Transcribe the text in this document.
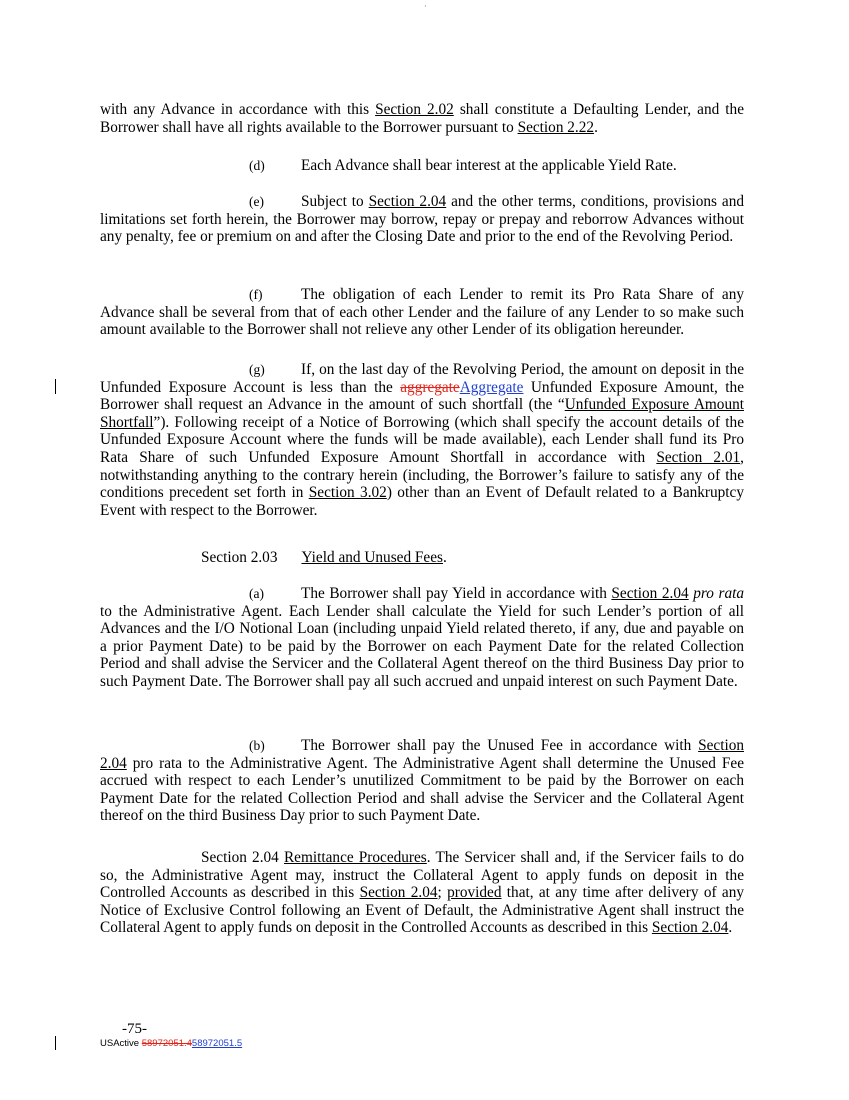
·

with any Advance in accordance with this Section 2.02 shall constitute a Defaulting Lender, and the Borrower shall have all rights available to the Borrower pursuant to Section 2.22.

(d) Each Advance shall bear interest at the applicable Yield Rate.

(e) Subject to Section 2.04 and the other terms, conditions, provisions and limitations set forth herein, the Borrower may borrow, repay or prepay and reborrow Advances without any penalty, fee or premium on and after the Closing Date and prior to the end of the Revolving Period.

(f)	The obligation of each Lender to remit its Pro Rata Share of any Advance shall be several from that of each other Lender and the failure of any Lender to so make such amount available to the Borrower shall not relieve any other Lender of its obligation hereunder.

(g) If, on the last day of the Revolving Period, the amount on deposit in the Unfunded Exposure Account is less than the aggregateAggregate Unfunded Exposure Amount, the Borrower shall request an Advance in the amount of such shortfall (the “Unfunded Exposure Amount Shortfall”). Following receipt of a Notice of Borrowing (which shall specify the account details of the Unfunded Exposure Account where the funds will be made available), each Lender shall fund its Pro Rata Share of such Unfunded Exposure Amount Shortfall in accordance with Section 2.01, notwithstanding anything to the contrary herein (including, the Borrower’s failure to satisfy any of the conditions precedent set forth in Section 3.02) other than an Event of Default related to a Bankruptcy Event with respect to the Borrower.

Section 2.03 Yield and Unused Fees.

(a) The Borrower shall pay Yield in accordance with Section 2.04 pro rata to the Administrative Agent. Each Lender shall calculate the Yield for such Lender’s portion of all Advances and the I/O Notional Loan (including unpaid Yield related thereto, if any, due and payable on a prior Payment Date) to be paid by the Borrower on each Payment Date for the related Collection Period and shall advise the Servicer and the Collateral Agent thereof on the third Business Day prior to such Payment Date. The Borrower shall pay all such accrued and unpaid interest on such Payment Date.

(b) The Borrower shall pay the Unused Fee in accordance with Section 2.04 pro rata to the Administrative Agent. The Administrative Agent shall determine the Unused Fee accrued with respect to each Lender’s unutilized Commitment to be paid by the Borrower on each Payment Date for the related Collection Period and shall advise the Servicer and the Collateral Agent thereof on the third Business Day prior to such Payment Date.

Section 2.04 Remittance Procedures. The Servicer shall and, if the Servicer fails to do so, the Administrative Agent may, instruct the Collateral Agent to apply funds on deposit in the Controlled Accounts as described in this Section 2.04; provided that, at any time after delivery of any Notice of Exclusive Control following an Event of Default, the Administrative Agent shall instruct the Collateral Agent to apply funds on deposit in the Controlled Accounts as described in this Section 2.04.

-75-
USActive 58972051.458972051.5
